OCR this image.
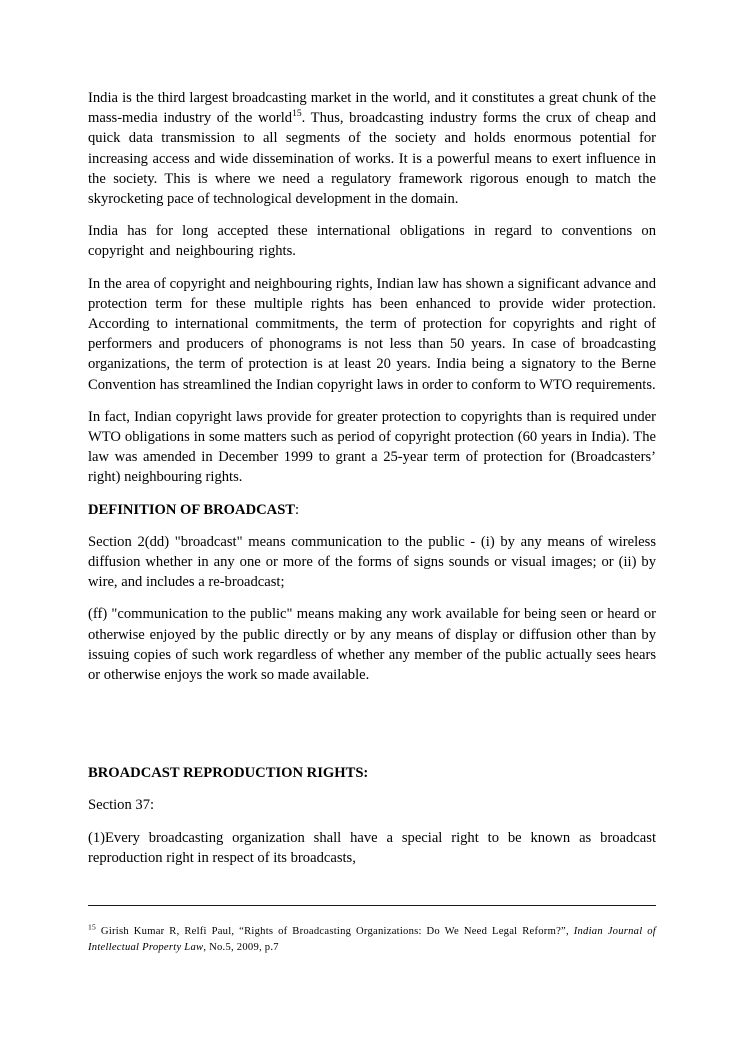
India is the third largest broadcasting market in the world, and it constitutes a great chunk of the mass-media industry of the world$^{15}$. Thus, broadcasting industry forms the crux of cheap and quick data transmission to all segments of the society and holds enormous potential for increasing access and wide dissemination of works. It is a powerful means to exert influence in the society. This is where we need a regulatory framework rigorous enough to match the skyrocketing pace of technological development in the domain.

India has for long accepted these international obligations in regard to conventions on copyright and neighbouring rights.

In the area of copyright and neighbouring rights, Indian law has shown a significant advance and protection term for these multiple rights has been enhanced to provide wider protection. According to international commitments, the term of protection for copyrights and right of performers and producers of phonograms is not less than 50 years. In case of broadcasting organizations, the term of protection is at least 20 years. India being a signatory to the Berne Convention has streamlined the Indian copyright laws in order to conform to WTO requirements.

In fact, Indian copyright laws provide for greater protection to copyrights than is required under WTO obligations in some matters such as period of copyright protection (60 years in India). The law was amended in December 1999 to grant a 25-year term of protection for (Broadcasters’ right) neighbouring rights.

DEFINITION OF BROADCAST:

Section 2(dd) "broadcast" means communication to the public - (i) by any means of wireless diffusion whether in any one or more of the forms of signs sounds or visual images; or (ii) by wire, and includes a re-broadcast;

(ff) "communication to the public" means making any work available for being seen or heard or otherwise enjoyed by the public directly or by any means of display or diffusion other than by issuing copies of such work regardless of whether any member of the public actually sees hears or otherwise enjoys the work so made available.

BROADCAST REPRODUCTION RIGHTS:

Section 37:

(1)Every broadcasting organization shall have a special right to be known as broadcast reproduction right in respect of its broadcasts,

$^{15}$ Girish Kumar R, Relfi Paul, “Rights of Broadcasting Organizations: Do We Need Legal Reform?”, Indian Journal of Intellectual Property Law, No.5, 2009, p.7
